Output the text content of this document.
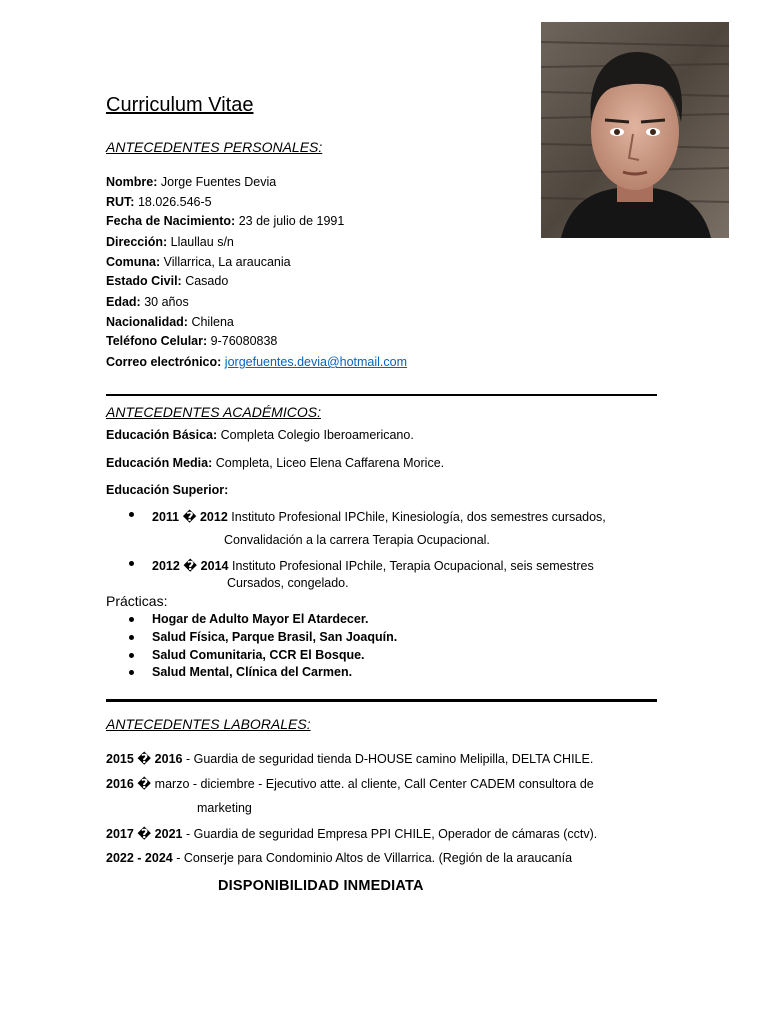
Curriculum Vitae
ANTECEDENTES PERSONALES:
Nombre: Jorge Fuentes Devia
RUT: 18.026.546-5
Fecha de Nacimiento: 23 de julio de 1991
Dirección: Llaullau s/n
Comuna: Villarrica, La araucania
Estado Civil: Casado
Edad: 30 años
Nacionalidad: Chilena
Teléfono Celular: 9-76080838
Correo electrónico: jorgefuentes.devia@hotmail.com
ANTECEDENTES ACADÉMICOS:
Educación Básica: Completa Colegio Iberoamericano.
Educación Media: Completa, Liceo Elena Caffarena Morice.
Educación Superior:
2011 � 2012 Instituto Profesional IPChile, Kinesiología, dos semestres cursados,
Convalidación a la carrera Terapia Ocupacional.
2012 � 2014 Instituto Profesional IPchile, Terapia Ocupacional, seis semestres
Cursados, congelado.
Prácticas:
Hogar de Adulto Mayor El Atardecer.
Salud Física, Parque Brasil, San Joaquín.
Salud Comunitaria, CCR El Bosque.
Salud Mental, Clínica del Carmen.
ANTECEDENTES LABORALES:
2015 � 2016 - Guardia de seguridad tienda D-HOUSE camino Melipilla, DELTA CHILE.
2016 � marzo - diciembre - Ejecutivo atte. al cliente, Call Center CADEM consultora de
marketing
2017 � 2021 - Guardia de seguridad Empresa PPI CHILE, Operador de cámaras (cctv).
2022 - 2024 - Conserje para Condominio Altos de Villarrica. (Región de la araucanía
DISPONIBILIDAD INMEDIATA
